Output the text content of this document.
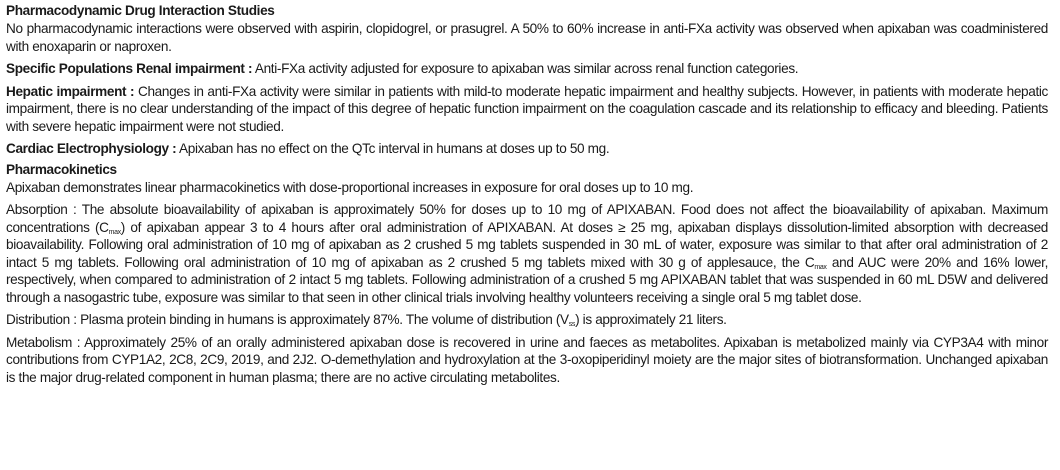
Pharmacodynamic Drug Interaction Studies

No pharmacodynamic interactions were observed with aspirin, clopidogrel, or prasugrel. A 50% to 60% increase in anti-FXa activity was observed when apixaban was coadministered with enoxaparin or naproxen.

Specific Populations Renal impairment : Anti-FXa activity adjusted for exposure to apixaban was similar across renal function categories.

Hepatic impairment : Changes in anti-FXa activity were similar in patients with mild-to moderate hepatic impairment and healthy subjects. However, in patients with moderate hepatic impairment, there is no clear understanding of the impact of this degree of hepatic function impairment on the coagulation cascade and its relationship to efficacy and bleeding. Patients with severe hepatic impairment were not studied.

Cardiac Electrophysiology : Apixaban has no effect on the QTc interval in humans at doses up to 50 mg.

Pharmacokinetics

Apixaban demonstrates linear pharmacokinetics with dose-proportional increases in exposure for oral doses up to 10 mg.

Absorption : The absolute bioavailability of apixaban is approximately 50% for doses up to 10 mg of APIXABAN. Food does not affect the bioavailability of apixaban. Maximum concentrations $(C_{max})$ of apixaban appear 3 to 4 hours after oral administration of APIXABAN. At doses ≥ 25 mg, apixaban displays dissolution-limited absorption with decreased bioavailability. Following oral administration of 10 mg of apixaban as 2 crushed 5 mg tablets suspended in 30 mL of water, exposure was similar to that after oral administration of 2 intact 5 mg tablets. Following oral administration of 10 mg of apixaban as 2 crushed 5 mg tablets mixed with 30 g of applesauce, the $C_{max}$ and AUC were 20% and 16% lower, respectively, when compared to administration of 2 intact 5 mg tablets. Following administration of a crushed 5 mg APIXABAN tablet that was suspended in 60 mL D5W and delivered through a nasogastric tube, exposure was similar to that seen in other clinical trials involving healthy volunteers receiving a single oral 5 mg tablet dose.

Distribution : Plasma protein binding in humans is approximately 87%. The volume of distribution $(V_{ss})$ is approximately 21 liters.

Metabolism : Approximately 25% of an orally administered apixaban dose is recovered in urine and faeces as metabolites. Apixaban is metabolized mainly via CYP3A4 with minor contributions from CYP1A2, 2C8, 2C9, 2019, and 2J2. O-demethylation and hydroxylation at the 3-oxopiperidinyl moiety are the major sites of biotransformation. Unchanged apixaban is the major drug-related component in human plasma; there are no active circulating metabolites.
